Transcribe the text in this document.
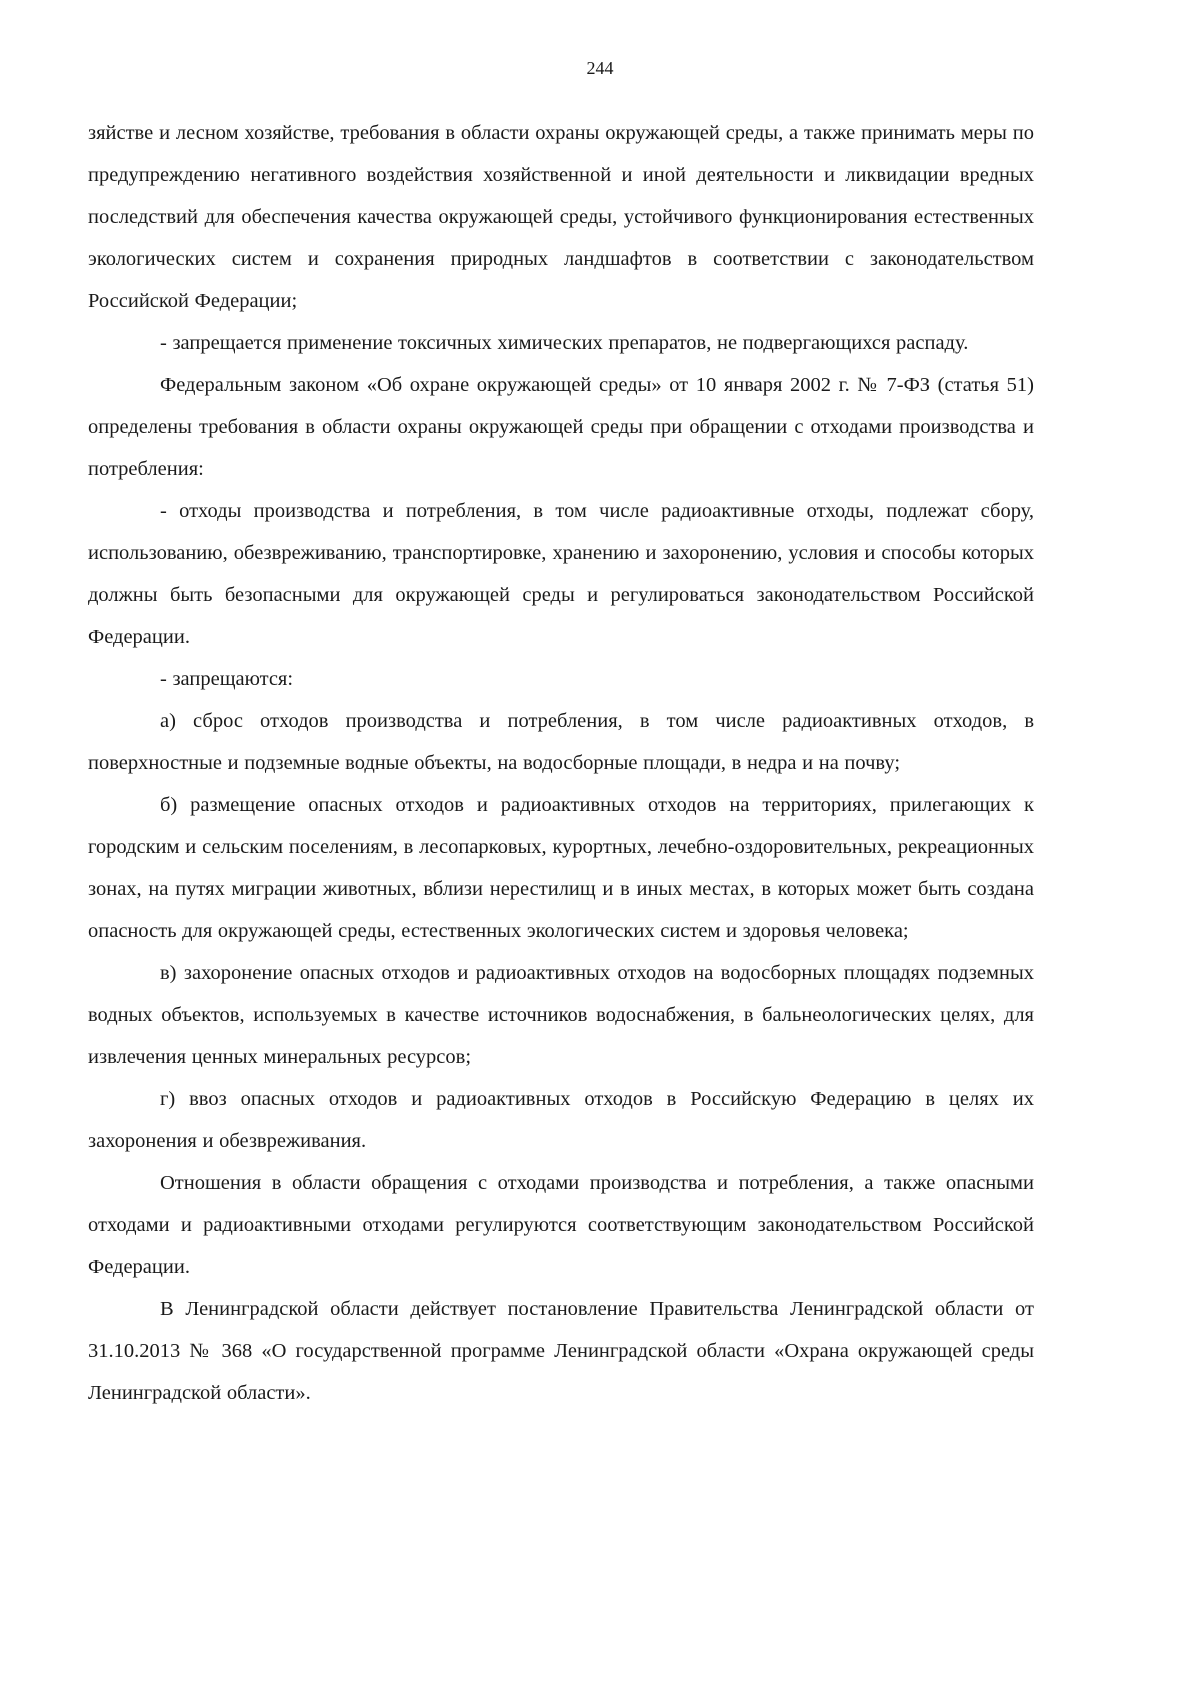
244

зяйстве и лесном хозяйстве, требования в области охраны окружающей среды, а также принимать меры по предупреждению негативного воздействия хозяйственной и иной деятельности и ликвидации вредных последствий для обеспечения качества окружающей среды, устойчивого функционирования естественных экологических систем и сохранения природных ландшафтов в соответствии с законодательством Российской Федерации;

- запрещается применение токсичных химических препаратов, не подвергающихся распаду.

Федеральным законом «Об охране окружающей среды» от 10 января 2002 г. № 7-ФЗ (статья 51) определены требования в области охраны окружающей среды при обращении с отходами производства и потребления:

- отходы производства и потребления, в том числе радиоактивные отходы, подлежат сбору, использованию, обезвреживанию, транспортировке, хранению и захоронению, условия и способы которых должны быть безопасными для окружающей среды и регулироваться законодательством Российской Федерации.

- запрещаются:

а) сброс отходов производства и потребления, в том числе радиоактивных отходов, в поверхностные и подземные водные объекты, на водосборные площади, в недра и на почву;

б) размещение опасных отходов и радиоактивных отходов на территориях, прилегающих к городским и сельским поселениям, в лесопарковых, курортных, лечебно-оздоровительных, рекреационных зонах, на путях миграции животных, вблизи нерестилищ и в иных местах, в которых может быть создана опасность для окружающей среды, естественных экологических систем и здоровья человека;

в) захоронение опасных отходов и радиоактивных отходов на водосборных площадях подземных водных объектов, используемых в качестве источников водоснабжения, в бальнеологических целях, для извлечения ценных минеральных ресурсов;

г) ввоз опасных отходов и радиоактивных отходов в Российскую Федерацию в целях их захоронения и обезвреживания.

Отношения в области обращения с отходами производства и потребления, а также опасными отходами и радиоактивными отходами регулируются соответствующим законодательством Российской Федерации.

В Ленинградской области действует постановление Правительства Ленинградской области от 31.10.2013 № 368 «О государственной программе Ленинградской области «Охрана окружающей среды Ленинградской области».
